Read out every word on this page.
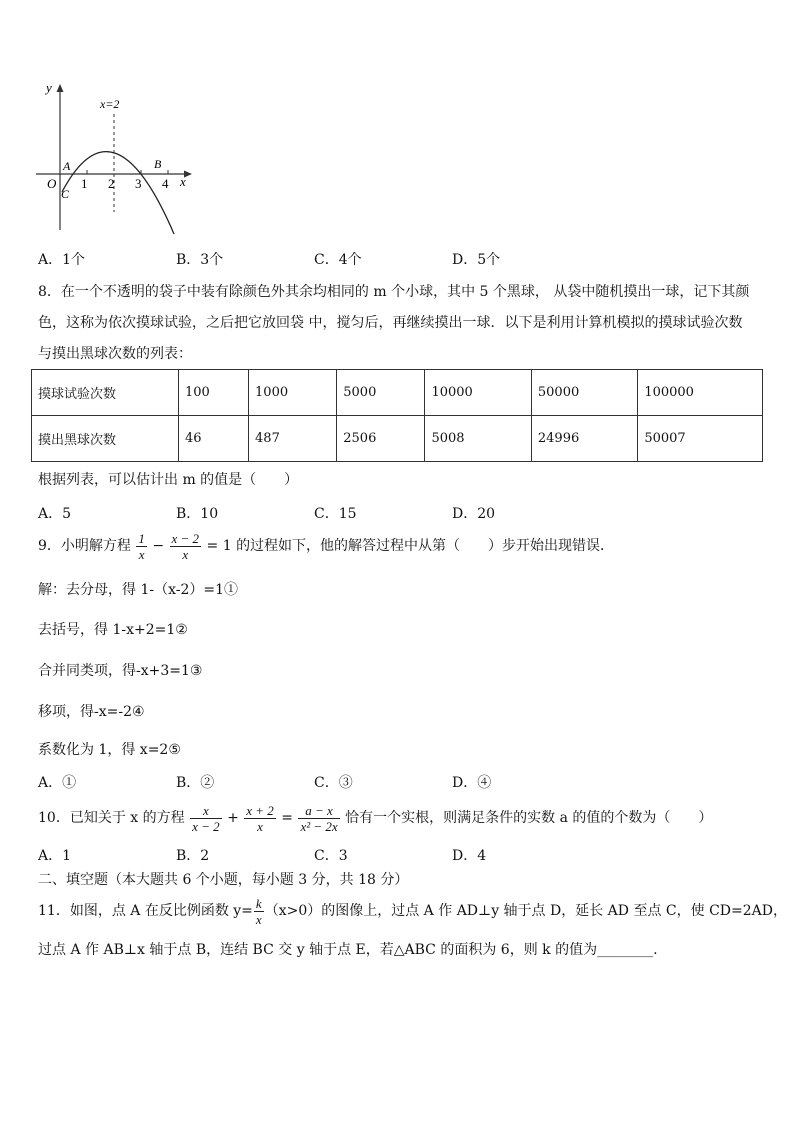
y
x
O
x=2
1 2 3 4
A	B
C
A．1个	B．3个	C．4个	D．5个
8．在一个不透明的袋子中装有除颜色外其余均相同的 m 个小球，其中 5 个黑球， 从袋中随机摸出一球，记下其颜
色，这称为依次摸球试验，之后把它放回袋 中，搅匀后，再继续摸出一球．以下是利用计算机模拟的摸球试验次数
与摸出黑球次数的列表：
摸球试验次数	100	1000	5000	10000	50000	100000
摸出黑球次数	46	487	2506	5008	24996	50007
根据列表，可以估计出 m 的值是（　　）
A．5	B．10	C．15	D．20
9．小明解方程 $\frac{1}{x} - \frac{x - 2}{x} = 1$ 的过程如下，他的解答过程中从第（　　）步开始出现错误．
解：去分母，得 1-（x-2）=1①
去括号，得 1-x+2=1②
合并同类项，得-x+3=1③
移项，得-x=-2④
系数化为 1，得 x=2⑤
A．①	B．②	C．③	D．④
10．已知关于 x 的方程 $\frac{x}{x - 2} + \frac{x + 2}{x} = \frac{a - x}{\text{x² − 2x}}$ 恰有一个实根，则满足条件的实数 a 的值的个数为（　　）
A．1	B．2	C．3	D．4
二、填空题（本大题共 6 个小题，每小题 3 分，共 18 分）
11．如图，点 A 在反比例函数 $y= \frac{k}{x} (x>0)$的图像上，过点 A 作 AD⊥y 轴于点 D，延长 AD 至点 C，使 CD=2AD，
过点 A 作 AB⊥x 轴于点 B，连结 BC 交 y 轴于点 E，若△ABC 的面积为 6，则 k 的值为________.
